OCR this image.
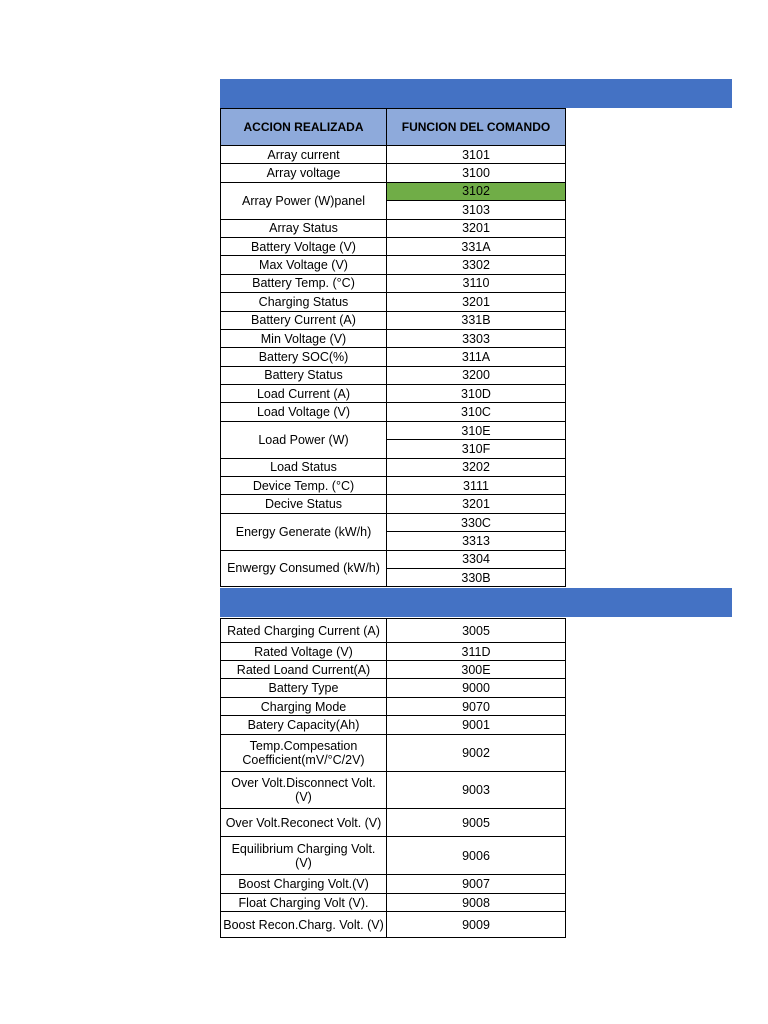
ACCION REALIZADA	FUNCION DEL COMANDO
Array current	3101
Array voltage	3100
Array Power (W)panel	3102
	3103
Array Status	3201
Battery Voltage (V)	331A
Max Voltage (V)	3302
Battery Temp. (°C)	3110
Charging Status	3201
Battery Current (A)	331B
Min Voltage (V)	3303
Battery SOC(%)	311A
Battery Status	3200
Load Current (A)	310D
Load Voltage (V)	310C
Load Power (W)	310E
	310F
Load Status	3202
Device Temp. (°C)	3111
Decive Status	3201
Energy Generate (kW/h)	330C
	3313
Enwergy Consumed (kW/h)	3304
	330B
Rated Charging Current (A)	3005
Rated Voltage (V)	311D
Rated Loand Current(A)	300E
Battery Type	9000
Charging Mode	9070
Batery Capacity(Ah)	9001
Temp.Compesation Coefficient(mV/°C/2V)	9002
Over Volt.Disconnect Volt. (V)	9003
Over Volt.Reconect Volt. (V)	9005
Equilibrium Charging Volt. (V)	9006
Boost Charging Volt.(V)	9007
Float Charging Volt (V).	9008
Boost Recon.Charg. Volt. (V)	9009
